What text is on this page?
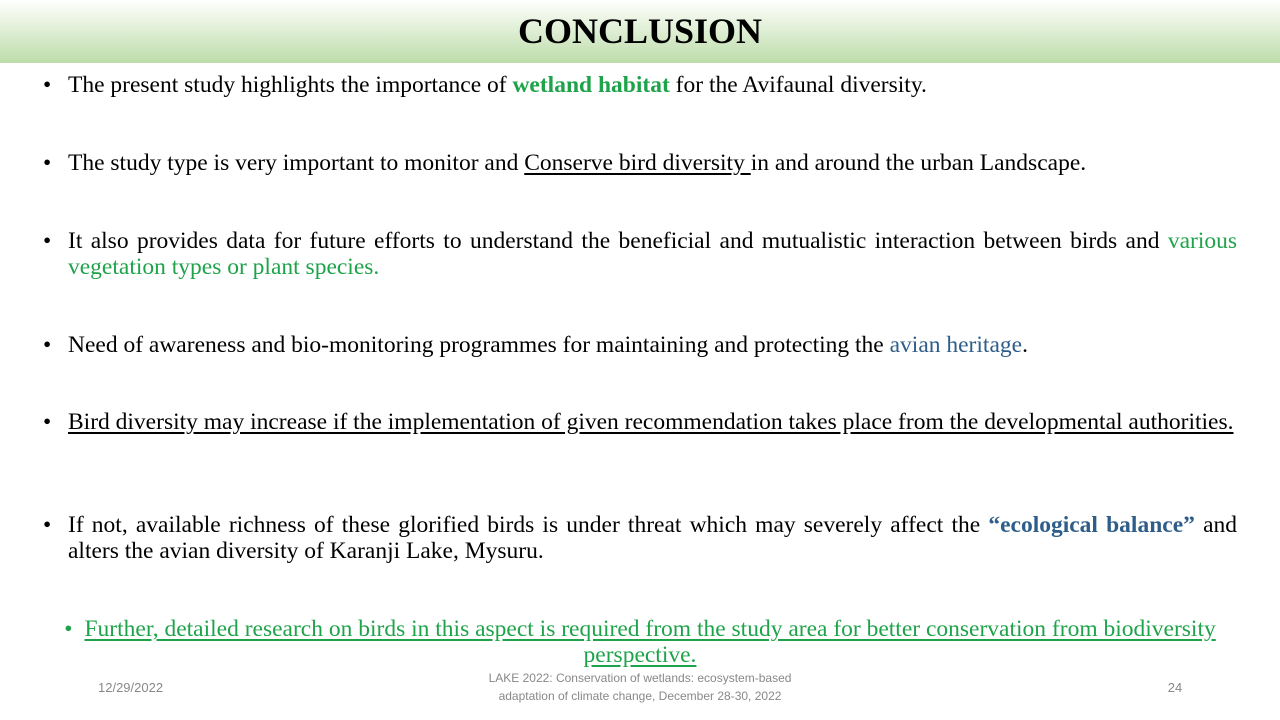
CONCLUSION
• The present study highlights the importance of wetland habitat for the Avifaunal diversity.
• The study type is very important to monitor and Conserve bird diversity in and around the urban Landscape.
• It also provides data for future efforts to understand the beneficial and mutualistic interaction between birds and various vegetation types or plant species.
• Need of awareness and bio-monitoring programmes for maintaining and protecting the avian heritage.
• Bird diversity may increase if the implementation of given recommendation takes place from the developmental authorities.
• If not, available richness of these glorified birds is under threat which may severely affect the “ecological balance” and alters the avian diversity of Karanji Lake, Mysuru.
• Further, detailed research on birds in this aspect is required from the study area for better conservation from biodiversity perspective.
12/29/2022
LAKE 2022: Conservation of wetlands: ecosystem-based
adaptation of climate change, December 28-30, 2022
24
